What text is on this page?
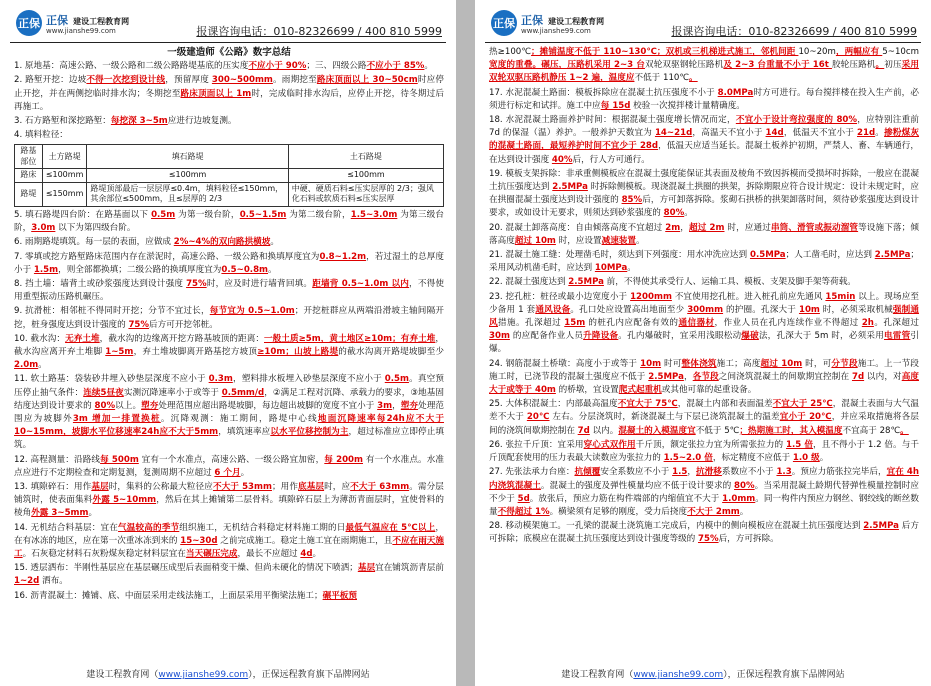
正保 正保 建设工程教育网
www.jianshe99.com	报课咨询电话：010-82326699 / 400 810 5999
一级建造师《公路》数字总结
1. 原地基：高速公路、一级公路和二级公路路堤基底的压实度不应小于 90%；三、四级公路不应小于 85%。
2. 路堑开挖：边坡不得一次挖到设计线，预留厚度 300~500mm。雨期挖至路床顶面以上 30~50cm时应停止开挖，并在两侧挖临时排水沟；冬期挖至路床顶面以上 1m时，完成临时排水沟后，应停止开挖，待冬期过后再施工。
3. 石方路堑和深挖路堑：每挖深 3~5m应进行边坡复测。
4. 填料粒径：
路基部位	土方路堤	填石路堤	土石路堤
路床	≤100mm	≤100mm	≤100mm
路堤	≤150mm	路堤顶部最后一层层厚≤0.4m，填料粒径≤150mm，其余部位≤500mm，且≤层厚的 2/3	中硬、硬质石料≤压实层厚的 2/3；强风化石料或软质石料≤压实层厚
5. 填石路堤四台阶：在路基面以下 0.5m 为第一级台阶，0.5~1.5m 为第二级台阶，1.5~3.0m 为第三级台阶，3.0m 以下为第四级台阶。
6. 雨期路堤填筑。每一层的表面，应做成 2%~4%的双向路拱横坡。
7. 零填或挖方路堑路床范围内存在淤泥时，高速公路、一级公路和换填厚度宜为0.8~1.2m，若过湿土的总厚度小于 1.5m，则全部都换填；二级公路的换填厚度宜为0.5~0.8m。
8. 挡土墙：墙背土或砂浆强度达到设计强度 75%时，应及时进行墙背回填。距墙背 0.5~1.0m 以内，不得使用重型振动压路机碾压。
9. 抗滑桩：相邻桩不得同时开挖；分节不宜过长，每节宜为 0.5~1.0m；开挖桩群应从两端沿滑坡主轴间隔开挖，桩身强度达到设计强度的 75%后方可开挖邻桩。
10. 截水沟：无弃土堆，截水沟的边缘离开挖方路基坡顶的距离：一般土质≥5m，黄土地区≥10m；有弃土堆，截水沟应离开弃土堆脚 1~5m，弃土堆坡脚离开路基挖方坡顶≥10m；山坡上路堤的截水沟离开路堤坡脚至少 2.0m。
11. 软土路基：袋装砂井埋入砂垫层深度不应小于 0.3m，塑料排水板埋入砂垫层深度不应小于 0.5m。真空预压停止抽气条件：连续5昼夜实测沉降速率小于或等于 0.5mm/d，②满足工程对沉降、承载力的要求，③地基固结度达到设计要求的 80%以上。塑夯处理范围应超出路堤坡脚，每边超出坡脚的宽度不宜小于 3m，塑夯处理范围应为坡脚外3m 增加一排置换桩。沉降观测：施工期间，路堤中心线地面沉降速率每24h应不大于10~15mm，坡脚水平位移速率24h应不大于5mm，填筑速率应以水平位移控制为主，超过标准应立即停止填筑。
12. 高程测量：沿路线每 500m 宜有一个水准点，高速公路、一级公路宜加密，每 200m 有一个水准点。水准点应进行不定期检查和定期复测，复测周期不应超过 6 个月。
13. 填隙碎石：用作基层时，集料的公称最大粒径应不大于 53mm；用作底基层时，应不大于 63mm。需分层铺筑时，使表面集料外露 5~10mm，然后在其上摊铺第二层骨料。填隙碎石层上为薄沥青面层时，宜使骨料的棱角外露 3~5mm。
14. 无机结合料基层：宜在气温较高的季节组织施工，无机结合料稳定材料施工期的日最低气温应在 5℃以上，在有冰冻的地区，应在第一次重冰冻到来的 15~30d 之前完成施工。稳定土施工宜在雨期施工，且不应在雨天施工。石灰稳定材料石灰粉煤灰稳定材料层宜在当天碾压完成，最长不应超过 4d。
15. 透层洒布：半刚性基层应在基层碾压成型后表面稍变干燥、但尚未硬化的情况下喷洒；基层宜在铺筑沥青层前 1~2d 洒布。
16. 沥青混凝土：摊铺、底、中面层采用走线法施工，上面层采用平衡梁法施工；碾平板预
建设工程教育网（www.jianshe99.com），正保远程教育旗下品牌网站
正保 正保 建设工程教育网
www.jianshe99.com	报课咨询电话：010-82326699 / 400 810 5999
热≥100℃；摊铺温度不低于 110~130℃；双机或三机梯进式施工，邻机间距 10~20m，两幅应有 5~10cm 宽度的重叠。碾压，压路机采用 2~3 台双轮双驱钢轮压路机及 2~3 台重量不小于 16t 胶轮压路机。初压采用双轮双驱压路机静压 1~2 遍，温度应不低于 110℃。
17. 水泥混凝土路面：模板拆除应在混凝土抗压强度不小于 8.0MPa时方可进行。每台搅拌楼在投入生产前，必须进行标定和试拌。施工中应每 15d 校验一次搅拌楼计量精确度。
18. 水泥混凝土路面养护时间：根据混凝土强度增长情况而定，不宜小于设计弯拉强度的 80%，应特别注重前 7d 的保湿（温）养护。一般养护天数宜为 14~21d，高温天不宜小于 14d，低温天不宜小于 21d。掺粉煤灰的混凝土路面，最短养护时间不宜少于 28d，低温天应适当延长。混凝土板养护初期，严禁人、畜、车辆通行，在达到设计强度 40%后，行人方可通行。
19. 模板支架拆除：非承重侧模板应在混凝土强度能保证其表面及棱角不致因拆模而受损坏时拆除，一般应在混凝土抗压强度达到 2.5MPa 时拆除侧模板。现浇混凝土拱圈的拱架，拆除期限应符合设计规定：设计未规定时，应在拱圈混凝土强度达到设计强度的 85%后，方可卸落拆除。浆砌石拱桥的拱架卸落时间，须待砂浆强度达到设计要求，或如设计无要求，则须达到砂浆强度的 80%。
20. 混凝土卸落高度：自由倾落高度不宜超过 2m，超过 2m 时，应通过串筒、滑管或振动溜管等设施下落；倾落高度超过 10m 时，应设置减速装置。
21. 混凝土施工缝：处理凿毛时，须达到下列强度：用水冲洗应达到 0.5MPa；人工凿毛时，应达到 2.5MPa；采用风动机凿毛时，应达到 10MPa。
22. 混凝土强度达到 2.5MPa 前，不得使其承受行人、运输工具、模板、支架及脚手架等荷载。
23. 挖孔桩：桩径或最小边宽度小于 1200mm 不宜使用挖孔桩。进入桩孔前应先通风 15min 以上。现场应至少备用 1 套通风设备。孔口处应设置高出地面至少 300mm 的护圈。孔深大于 10m 时，必须采取机械强制通风措施。孔深超过 15m 的桩孔内应配备有效的通信器材，作业人员在孔内连续作业不得超过 2h。孔深超过 30m 的应配备作业人员升降设备。孔内爆破时，宜采用浅眼松动爆破法，孔深大于 5m 时，必须采用电雷管引爆。
24. 钢筋混凝土桥墩：高度小于或等于 10m 时可整体浇筑施工；高度超过 10m 时，可分节段施工。上一节段施工时，已浇节段的混凝土强度应不低于 2.5MPa，各节段之间浇筑混凝土的间歇期宜控制在 7d 以内，对高度大于或等于 40m 的桥墩，宜设置爬式起重机或其他可靠的起重设备。
25. 大体积混凝土：内部最高温度不宜大于 75℃，混凝土内部和表面温差不宜大于 25℃，混凝土表面与大气温差不大于 20℃ 左右。分层浇筑时，新浇混凝土与下层已浇筑混凝土的温差宜小于 20℃，并应采取措施将各层间的浇筑间歇期控制在 7d 以内。混凝土的入模温度宜不低于 5℃；热期施工时，其入模温度不宜高于 28℃。
26. 张拉千斤顶：宜采用穿心式双作用千斤顶，额定张拉力宜为所需张拉力的 1.5 倍，且不得小于 1.2 倍。与千斤顶配套使用的压力表最大读数应为张拉力的 1.5~2.0 倍，标定精度不应低于 1.0 级。
27. 先张法承力台座：抗倾覆安全系数应不小于 1.5，抗滑移系数应不小于 1.3。预应力筋张拉完毕后，宜在 4h 内浇筑混凝土。混凝土的强度及弹性模量均应不低于设计要求的 80%。当采用混凝土龄期代替弹性模量控制时应不少于 5d。放张后，预应力筋在构件端部的内缩值宜不大于 1.0mm。同一构件内预应力钢丝、钢绞线的断丝数量不得超过 1%。横梁须有足够的刚度，受力后挠度不大于 2mm。
28. 移动模架施工。一孔梁的混凝土浇筑施工完成后，内模中的侧向模板应在混凝土抗压强度达到 2.5MPa 后方可拆除；底模应在混凝土抗压强度达到设计强度等级的 75%后，方可拆除。
建设工程教育网（www.jianshe99.com），正保远程教育旗下品牌网站
